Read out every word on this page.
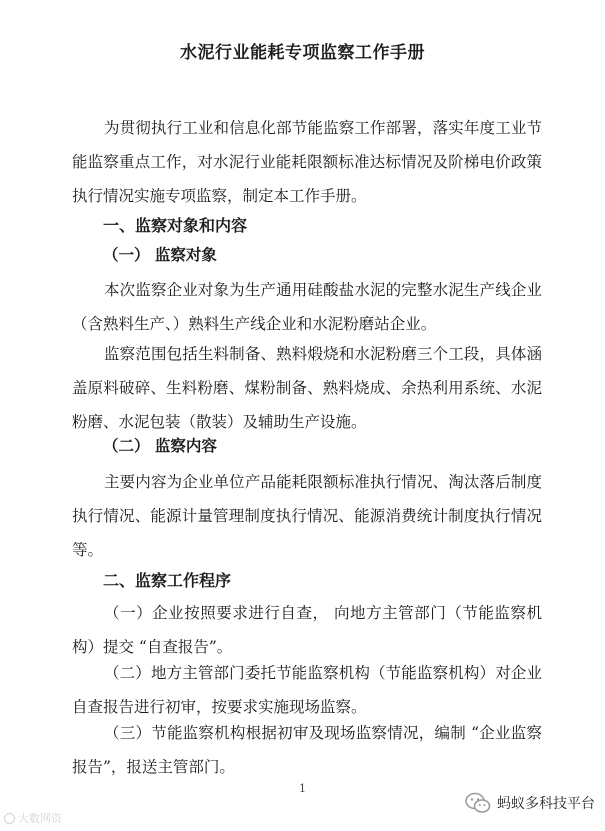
水泥行业能耗专项监察工作手册

为贯彻执行工业和信息化部节能监察工作部署，落实年度工业节能监察重点工作，对水泥行业能耗限额标准达标情况及阶梯电价政策执行情况实施专项监察，制定本工作手册。

一、监察对象和内容
（一） 监察对象

本次监察企业对象为生产通用硅酸盐水泥的完整水泥生产线企业（含熟料生产、）熟料生产线企业和水泥粉磨站企业。

监察范围包括生料制备、熟料煅烧和水泥粉磨三个工段，具体涵盖原料破碎、生料粉磨、煤粉制备、熟料烧成、余热利用系统、水泥粉磨、水泥包装（散装）及辅助生产设施。

（二） 监察内容

主要内容为企业单位产品能耗限额标准执行情况、淘汰落后制度执行情况、能源计量管理制度执行情况、能源消费统计制度执行情况等。

二、监察工作程序

（一）企业按照要求进行自查， 向地方主管部门（节能监察机构）提交 “自查报告”。

（二）地方主管部门委托节能监察机构（节能监察机构）对企业自查报告进行初审，按要求实施现场监察。

（三）节能监察机构根据初审及现场监察情况，编制 “企业监察报告”，报送主管部门。

1
大数网资
蚂蚁多科技平台
